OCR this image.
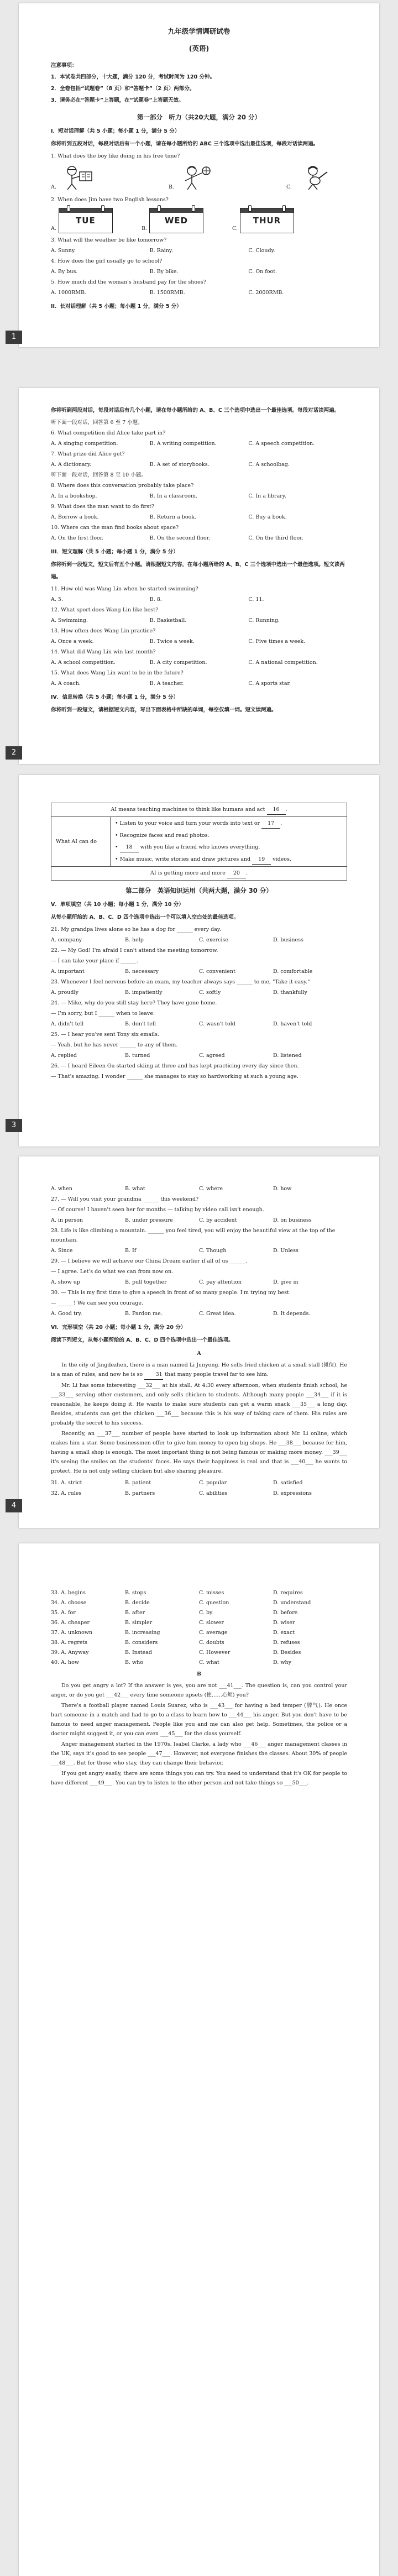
九年级学情调研试卷
(英语)
注意事项：
1．本试卷共四部分，十大题，满分 120 分，考试时间为 120 分钟。
2．全卷包括“试题卷”（8 页）和“答题卡”（2 页）两部分。
3．请务必在“答题卡”上答题，在“试题卷”上答题无效。
第一部分　听力（共20大题，满分 20 分）
I．短对话理解（共 5 小题；每小题 1 分，满分 5 分）
你将听到五段对话，每段对话后有一个小题，请在每小题所给的 ABC 三个选项中选出最佳选项，每段对话读两遍。
1. What does the boy like doing in his free time?
A.	B.	C.
2. When does Jim have two English lessons?
A.
TUE
B.
WED
C.
THUR
3. What will the weather be like tomorrow?
A. Sunny.	B. Rainy.	C. Cloudy.
4. How does the girl usually go to school?
A. By bus.	B. By bike.	C. On foot.
5. How much did the woman's husband pay for the shoes?
A. 1000RMB.	B. 1500RMB.	C. 2000RMB.
II．长对话理解（共 5 小题；每小题 1 分，满分 5 分）
1
你将听到两段对话，每段对话后有几个小题，请在每小题所给的 A、B、C 三个选项中选出一个最佳选项。每段对话读两遍。
听下面一段对话，回答第 6 至 7 小题。
6. What competition did Alice take part in?
A. A singing competition.	B. A writing competition.	C. A speech competition.
7. What prize did Alice get?
A. A dictionary.	B. A set of storybooks.	C. A schoolbag.
听下面一段对话，回答第 8 至 10 小题。
8. Where does this conversation probably take place?
A. In a bookshop.	B. In a classroom.	C. In a library.
9. What does the man want to do first?
A. Borrow a book.	B. Return a book.	C. Buy a book.
10. Where can the man find books about space?
A. On the first floor.	B. On the second floor.	C. On the third floor.
III．短文理解（共 5 小题；每小题 1 分，满分 5 分）
你将听到一段短文，短文后有五个小题。请根据短文内容，在每小题所给的 A、B、C 三个选项中选出一个最佳选项。短文读两遍。
11. How old was Wang Lin when he started swimming?
A. 5.	B. 8.	C. 11.
12. What sport does Wang Lin like best?
A. Swimming.	B. Basketball.	C. Running.
13. How often does Wang Lin practice?
A. Once a week.	B. Twice a week.	C. Five times a week.
14. What did Wang Lin win last month?
A. A school competition.	B. A city competition.	C. A national competition.
15. What does Wang Lin want to be in the future?
A. A coach.	B. A teacher.	C. A sports star.
IV．信息转换（共 5 小题；每小题 1 分，满分 5 分）
你将听到一段短文，请根据短文内容，写出下面表格中所缺的单词，每空仅填一词。短文读两遍。
2
AI means teaching machines to think like humans and act 16 .
What AI can do	
• Listen to your voice and turn your words into text or 17 .
• Recognize faces and read photos.
• 18 with you like a friend who knows everything.
• Make music, write stories and draw pictures and 19 videos.

AI is getting more and more 20 .
第二部分　英语知识运用（共两大题，满分 30 分）
V．单项填空（共 10 小题；每小题 1 分，满分 10 分）
从每小题所给的 A、B、C、D 四个选项中选出一个可以填入空白处的最佳选项。
21. My grandpa lives alone so he has a dog for ______ every day.
A. company	B. help	C. exercise	D. business
22. — My God! I'm afraid I can't attend the meeting tomorrow.
— I can take your place if ______.
A. important	B. necessary	C. convenient	D. comfortable
23. Whenever I feel nervous before an exam, my teacher always says ______ to me, "Take it easy."
A. proudly	B. impatiently	C. softly	D. thankfully
24. — Mike, why do you still stay here? They have gone home.
— I'm sorry, but I ______ when to leave.
A. didn't tell	B. don't tell	C. wasn't told	D. haven't told
25. — I hear you've sent Tony six emails.
— Yeah, but he has never ______ to any of them.
A. replied	B. turned	C. agreed	D. listened
26. — I heard Eileen Gu started skiing at three and has kept practicing every day since then.
— That's amazing. I wonder ______ she manages to stay so hardworking at such a young age.
3
A. when	B. what	C. where	D. how
27. — Will you visit your grandma ______ this weekend?
— Of course! I haven't seen her for months — talking by video call isn't enough.
A. in person	B. under pressure	C. by accident	D. on business
28. Life is like climbing a mountain. ______ you feel tired, you will enjoy the beautiful view at the top of the mountain.
A. Since	B. If	C. Though	D. Unless
29. — I believe we will achieve our China Dream earlier if all of us ______.
— I agree. Let's do what we can from now on.
A. show up	B. pull together	C. pay attention	D. give in
30. — This is my first time to give a speech in front of so many people. I'm trying my best.
— ______! We can see you courage.
A. Good try.	B. Pardon me.	C. Great idea.	D. It depends.
VI．完形填空（共 20 小题；每小题 1 分，满分 20 分）
阅读下列短文，从每小题所给的 A、B、C、D 四个选项中选出一个最佳选项。
A
In the city of Jingdezhen, there is a man named Li Junyong. He sells fried chicken at a small stall (摊位). He is a man of rules, and now he is so 31 that many people travel far to see him.
Mr. Li has some interesting ___32___ at his stall. At 4:30 every afternoon, when students finish school, he ___33___ serving other customers, and only sells chicken to students. Although many people ___34___ if it is reasonable, he keeps doing it. He wants to make sure students can get a warm snack ___35___ a long day. Besides, students can get the chicken ___36___ because this is his way of taking care of them. His rules are probably the secret to his success.
Recently, an ___37___ number of people have started to look up information about Mr. Li online, which makes him a star. Some businessmen offer to give him money to open big shops. He ___38___ because for him, having a small shop is enough. The most important thing is not being famous or making more money. ___39___ it's seeing the smiles on the students' faces. He says their happiness is real and that is ___40___ he wants to protect. He is not only selling chicken but also sharing pleasure.
31. A. strict	B. patient	C. popular	D. satisfied
32. A. rules	B. partners	C. abilities	D. expressions
4
33. A. begins	B. stops	C. misses	D. requires
34. A. choose	B. decide	C. question	D. understand
35. A. for	B. after	C. by	D. before
36. A. cheaper	B. simpler	C. slower	D. wiser
37. A. unknown	B. increasing	C. average	D. exact
38. A. regrets	B. considers	C. doubts	D. refuses
39. A. Anyway	B. Instead	C. However	D. Besides
40. A. how	B. who	C. what	D. why
B
Do you get angry a lot? If the answer is yes, you are not ___41___. The question is, can you control your anger, or do you get ___42___ every time someone upsets (使……心烦) you?
There's a football player named Louis Suarez, who is ___43___ for having a bad temper (脾气). He once hurt someone in a match and had to go to a class to learn how to ___44___ his anger. But you don't have to be famous to need anger management. People like you and me can also get help. Sometimes, the police or a doctor might suggest it, or you can even ___45___ for the class yourself.
Anger management started in the 1970s. Isabel Clarke, a lady who ___46___ anger management classes in the UK, says it's good to see people ___47___. However, not everyone finishes the classes. About 30% of people ___48___. But for those who stay, they can change their behavior.
If you get angry easily, there are some things you can try. You need to understand that it's OK for people to have different ___49___. You can try to listen to the other person and not take things so ___50___.
